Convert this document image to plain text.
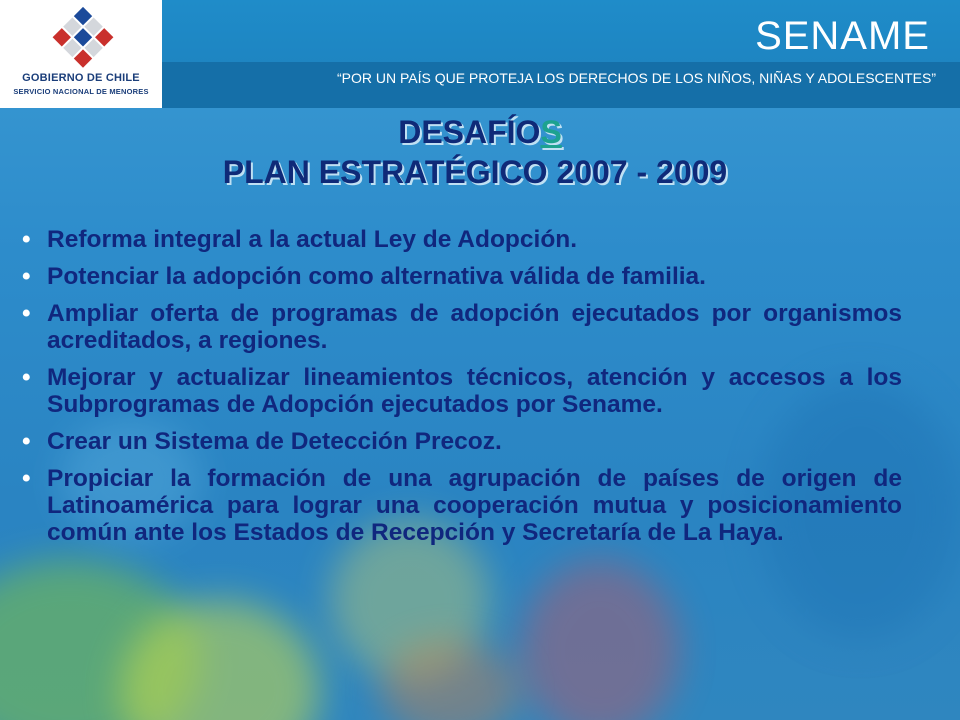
GOBIERNO DE CHILE
SERVICIO NACIONAL DE MENORES
SENAME
“POR UN PAÍS QUE PROTEJA LOS DERECHOS DE LOS NIÑOS, NIÑAS Y ADOLESCENTES”
DESAFÍOS
PLAN ESTRATÉGICO 2007 - 2009
• Reforma integral a la actual Ley de Adopción.
• Potenciar la adopción como alternativa válida de familia.
• Ampliar oferta de programas de adopción ejecutados por organismos acreditados, a regiones.
• Mejorar y actualizar lineamientos técnicos, atención y accesos a los Subprogramas de Adopción ejecutados por Sename.
• Crear un Sistema de Detección Precoz.
• Propiciar la formación de una agrupación de países de origen de Latinoamérica para lograr una cooperación mutua y posicionamiento común ante los Estados de Recepción y Secretaría de La Haya.
